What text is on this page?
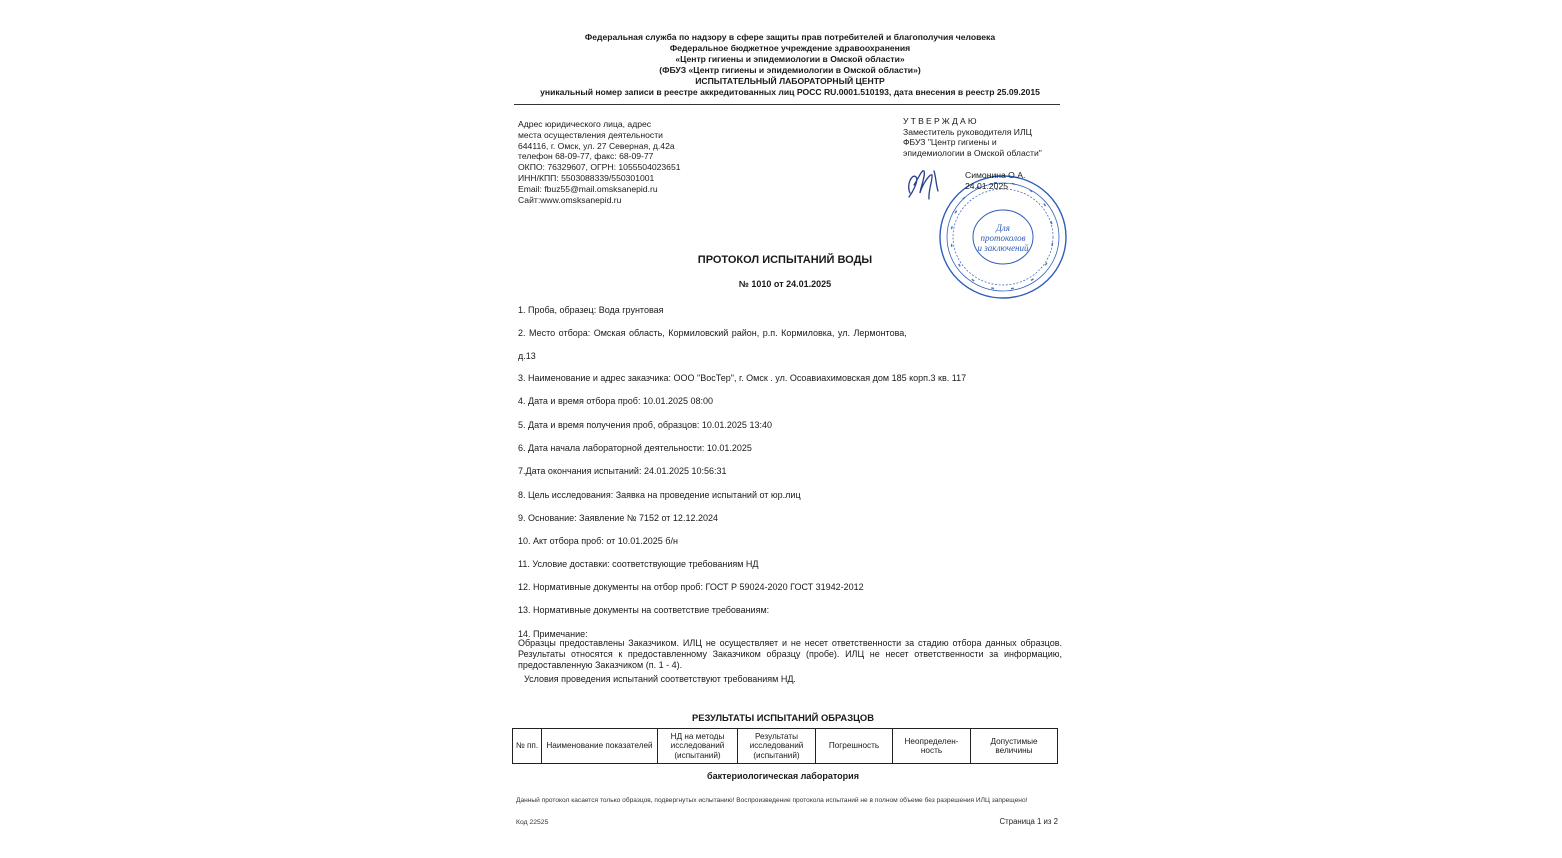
Федеральная служба по надзору в сфере защиты прав потребителей и благополучия человека
Федеральное бюджетное учреждение здравоохранения
«Центр гигиены и эпидемиологии в Омской области»
(ФБУЗ «Центр гигиены и эпидемиологии в Омской области»)
ИСПЫТАТЕЛЬНЫЙ ЛАБОРАТОРНЫЙ ЦЕНТР
уникальный номер записи в реестре аккредитованных лиц РОСС RU.0001.510193, дата внесения в реестр 25.09.2015
Адрес юридического лица, адрес
места осуществления деятельности
644116, г. Омск, ул. 27 Северная, д.42а
телефон 68-09-77, факс: 68-09-77
ОКПО: 76329607, ОГРН: 1055504023651
ИНН/КПП: 5503088339/550301001
Email: fbuz55@mail.omsksanepid.ru
Сайт:www.omsksanepid.ru
УТВЕРЖДАЮ
Заместитель руководителя ИЛЦ
ФБУЗ "Центр гигиены и
эпидемиологии в Омской области"
Для
протоколов
и заключений
Симонина О.А.
24.01.2025
ПРОТОКОЛ ИСПЫТАНИЙ ВОДЫ
№ 1010 от 24.01.2025
1. Проба, образец: Вода грунтовая
2. Место отбора: Омская область, Кормиловский район, р.п. Кормиловка, ул. Лермонтова,
д.13
3. Наименование и адрес заказчика: ООО "ВосТер", г. Омск . ул. Осоавиахимовская дом 185 корп.3 кв. 117
4. Дата и время отбора проб: 10.01.2025 08:00
5. Дата и время получения проб, образцов: 10.01.2025 13:40
6. Дата начала лабораторной деятельности: 10.01.2025
7.Дата окончания испытаний: 24.01.2025 10:56:31
8. Цель исследования: Заявка на проведение испытаний от юр.лиц
9. Основание: Заявление № 7152 от 12.12.2024
10. Акт отбора проб: от 10.01.2025 б/н
11. Условие доставки: соответствующие требованиям НД
12. Нормативные документы на отбор проб: ГОСТ Р 59024-2020 ГОСТ 31942-2012
13. Нормативные документы на соответствие требованиям:
14. Примечание:
Образцы предоставлены Заказчиком. ИЛЦ не осуществляет и не несет ответственности за стадию отбора данных образцов. Результаты относятся к предоставленному Заказчиком образцу (пробе). ИЛЦ не несет ответственности за информацию, предоставленную Заказчиком (п. 1 - 4).
Условия проведения испытаний соответствуют требованиям НД.
РЕЗУЛЬТАТЫ ИСПЫТАНИЙ ОБРАЗЦОВ
№ пп.	Наименование показателей	НД на методы исследований (испытаний)	Результаты исследований (испытаний)	Погрешность	Неопределен-ность	Допустимые величины
бактериологическая лаборатория
Данный протокол касается только образцов, подвергнутых испытанию! Воспроизведение протокола испытаний не в полном объеме без разрешения ИЛЦ запрещено!
Код 22525	Страница 1 из 2
